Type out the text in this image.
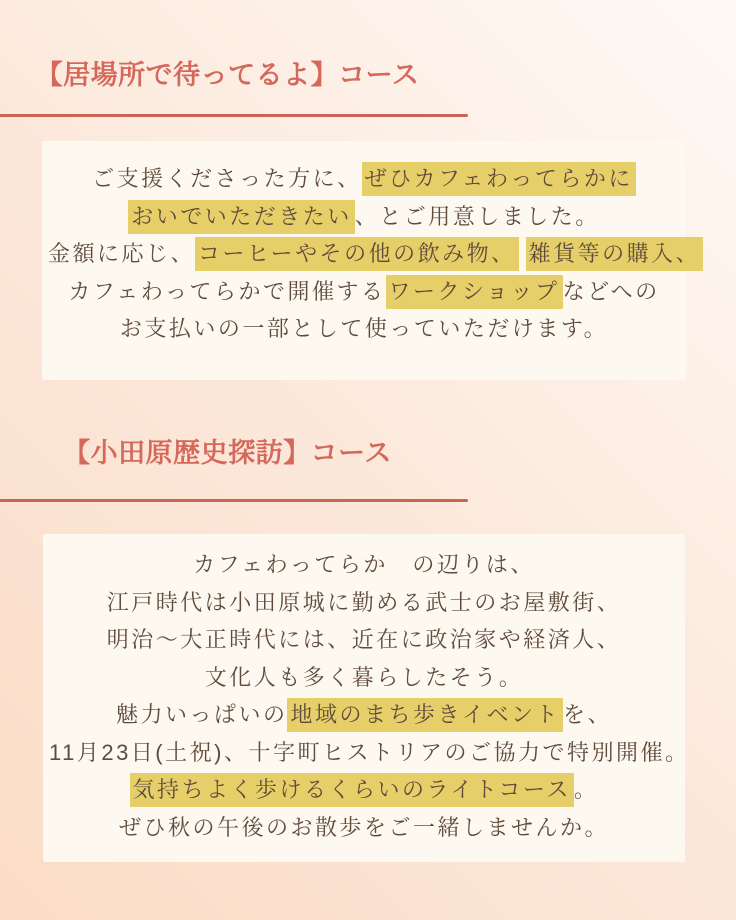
【居場所で待ってるよ】コース
ご支援くださった方に、 ぜひカフェわってらかに
おいでいただきたい 、とご用意しました。
金額に応じ、 コーヒーやその他の飲み物、 雑貨等の購入、
カフェわってらかで開催する ワークショップ などへの
お支払いの一部として使っていただけます。
【小田原歴史探訪】コース
カフェわってらか　の辺りは、
江戸時代は小田原城に勤める武士のお屋敷街、
明治〜大正時代には、近在に政治家や経済人、
文化人も多く暮らしたそう。
魅力いっぱいの 地域のまち歩きイベント を、
11月23日(土祝)、十字町ヒストリアのご協力で特別開催。
気持ちよく歩けるくらいのライトコース 。
ぜひ秋の午後のお散歩をご一緒しませんか。
